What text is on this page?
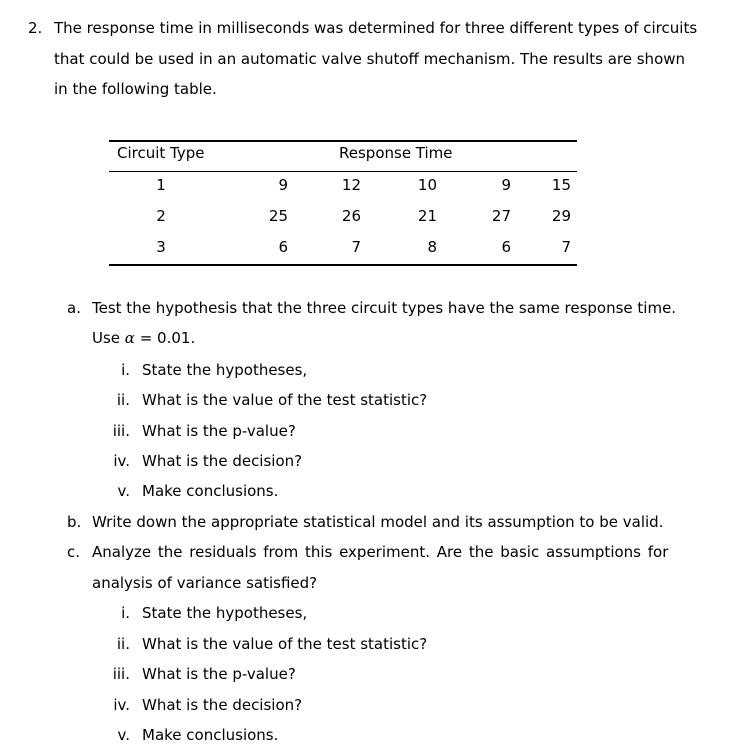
2. The response time in milliseconds was determined for three different types of circuits
that could be used in an automatic valve shutoff mechanism. The results are shown
in the following table.
Circuit Type	Response Time
1	9	12	10	9	15
2	25	26	21	27	29
3	6	7	8	6	7
a. Test the hypothesis that the three circuit types have the same response time.
Use α = 0.01.
i. State the hypotheses,
ii. What is the value of the test statistic?
iii. What is the p-value?
iv. What is the decision?
v. Make conclusions.
b. Write down the appropriate statistical model and its assumption to be valid.
c. Analyze the residuals from this experiment. Are the basic assumptions for
analysis of variance satisfied?
i. State the hypotheses,
ii. What is the value of the test statistic?
iii. What is the p-value?
iv. What is the decision?
v. Make conclusions.
